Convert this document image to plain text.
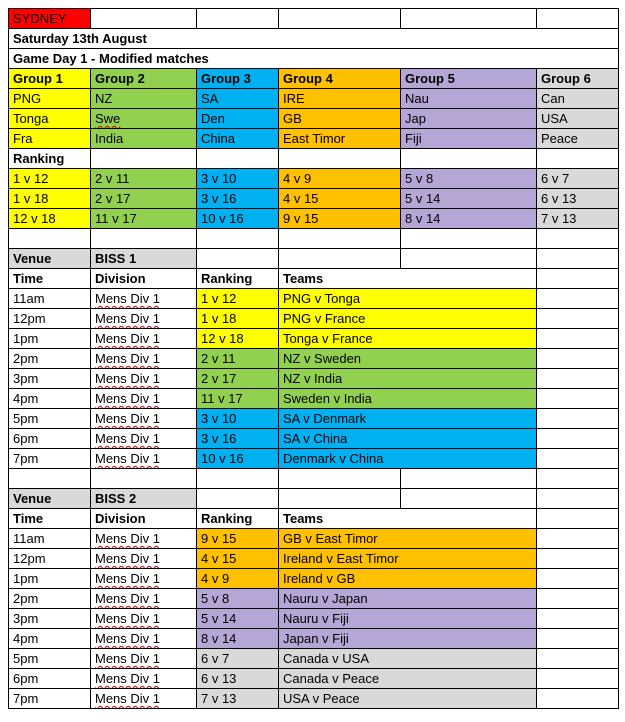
SYDNEY					
Saturday 13th August					
Game Day 1 - Modified matches					
Group 1	Group 2	Group 3	Group 4	Group 5	Group 6
PNG	NZ	SA	IRE	Nau	Can
Tonga	Swe	Den	GB	Jap	USA
Fra	India	China	East Timor	Fiji	Peace
Ranking					
1 v 12	2 v 11	3 v 10	4 v 9	5 v 8	6 v 7
1 v 18	2 v 17	3 v 16	4 v 15	5 v 14	6 v 13
12 v 18	11 v 17	10 v 16	9 v 15	8 v 14	7 v 13

Venue	BISS 1				
Time	Division	Ranking	Teams		
11am	Mens Div 1	1 v 12	PNG v Tonga		
12pm	Mens Div 1	1 v 18	PNG v France		
1pm	Mens Div 1	12 v 18	Tonga v France		
2pm	Mens Div 1	2 v 11	NZ v Sweden		
3pm	Mens Div 1	2 v 17	NZ v India		
4pm	Mens Div 1	11 v 17	Sweden v India		
5pm	Mens Div 1	3 v 10	SA v Denmark		
6pm	Mens Div 1	3 v 16	SA v China		
7pm	Mens Div 1	10 v 16	Denmark v China		

Venue	BISS 2				
Time	Division	Ranking	Teams		
11am	Mens Div 1	9 v 15	GB v East Timor		
12pm	Mens Div 1	4 v 15	Ireland v East Timor		
1pm	Mens Div 1	4 v 9	Ireland v GB		
2pm	Mens Div 1	5 v 8	Nauru v Japan		
3pm	Mens Div 1	5 v 14	Nauru v Fiji		
4pm	Mens Div 1	8 v 14	Japan v Fiji		
5pm	Mens Div 1	6 v 7	Canada v USA		
6pm	Mens Div 1	6 v 13	Canada v Peace		
7pm	Mens Div 1	7 v 13	USA v Peace		
